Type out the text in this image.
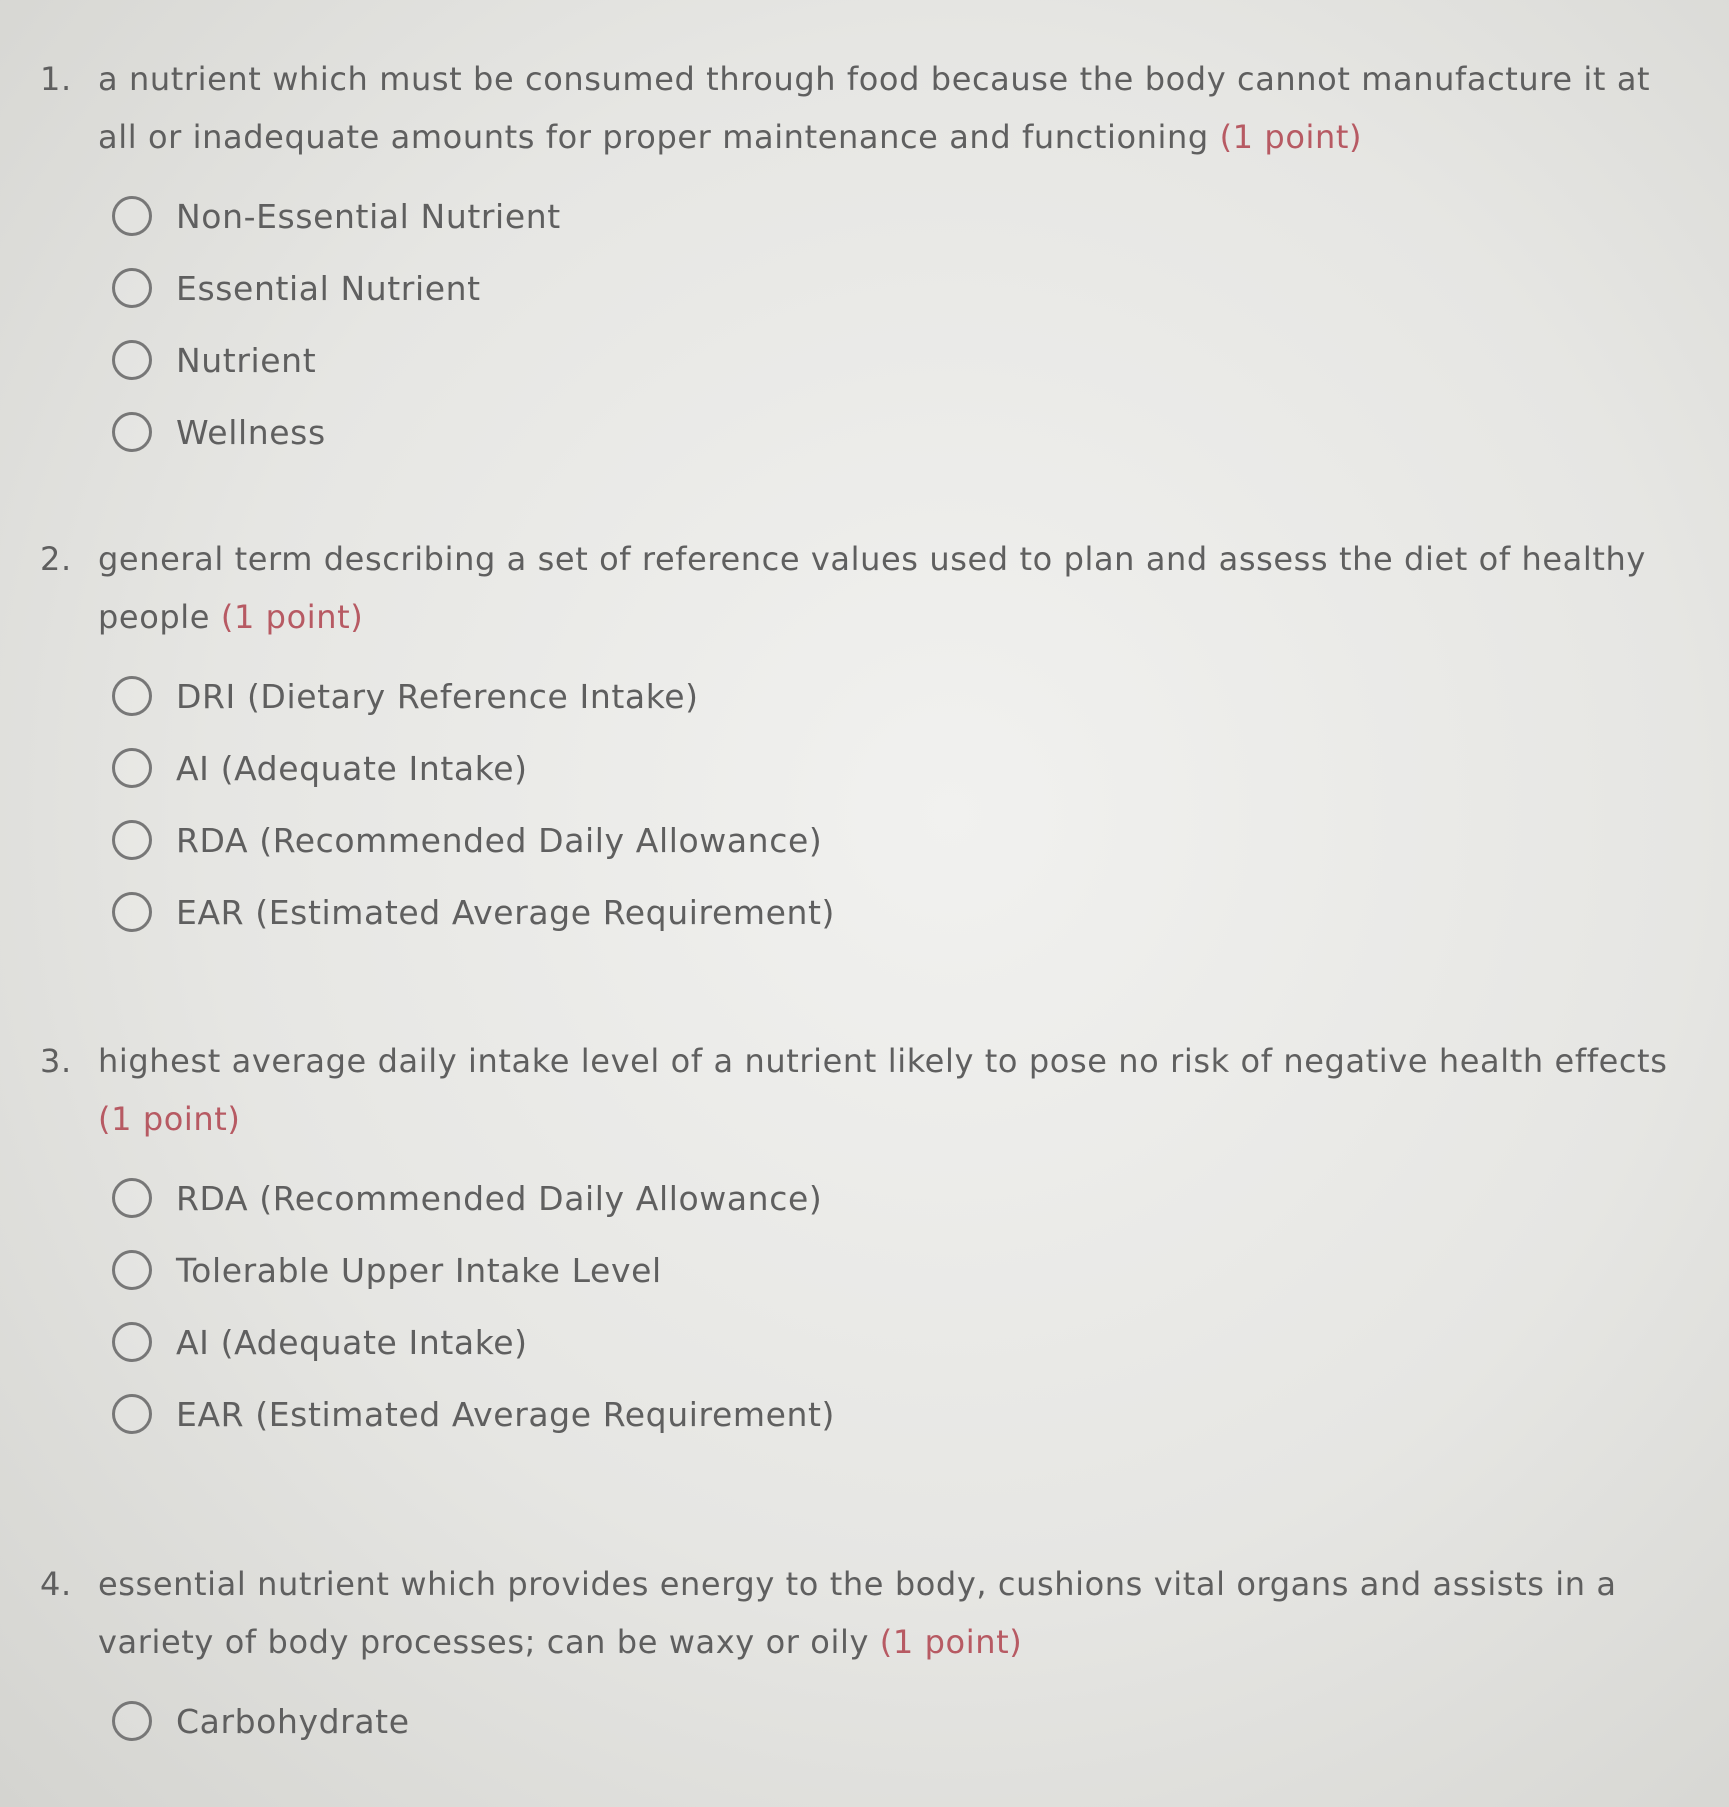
1. a nutrient which must be consumed through food because the body cannot manufacture it at all or inadequate amounts for proper maintenance and functioning (1 point)
Non-Essential Nutrient
Essential Nutrient
Nutrient
Wellness
2. general term describing a set of reference values used to plan and assess the diet of healthy people (1 point)
DRI (Dietary Reference Intake)
AI (Adequate Intake)
RDA (Recommended Daily Allowance)
EAR (Estimated Average Requirement)
3. highest average daily intake level of a nutrient likely to pose no risk of negative health effects (1 point)
RDA (Recommended Daily Allowance)
Tolerable Upper Intake Level
AI (Adequate Intake)
EAR (Estimated Average Requirement)
4. essential nutrient which provides energy to the body, cushions vital organs and assists in a variety of body processes; can be waxy or oily (1 point)
Carbohydrate
